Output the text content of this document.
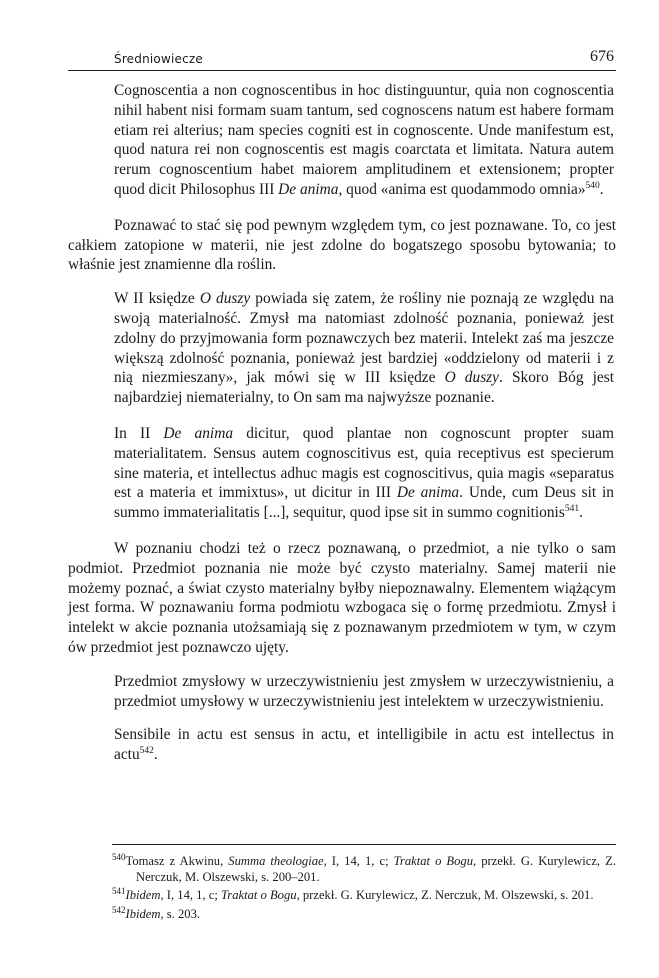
Średniowiecze	676

Cognoscentia a non cognoscentibus in hoc distinguuntur, quia non cognoscentia nihil habent nisi formam suam tantum, sed cognoscens natum est habere formam etiam rei alterius; nam species cogniti est in cognoscente. Unde manifestum est, quod natura rei non cognoscentis est magis coarctata et limitata. Natura autem rerum cognoscentium habet maiorem amplitudinem et extensionem; propter quod dicit Philosophus III De anima, quod «anima est quodammodo omnia»$^{540}$.

Poznawać to stać się pod pewnym względem tym, co jest poznawane. To, co jest całkiem zatopione w materii, nie jest zdolne do bogatszego sposobu bytowania; to właśnie jest znamienne dla roślin.

W II księdze O duszy powiada się zatem, że rośliny nie poznają ze względu na swoją materialność. Zmysł ma natomiast zdolność poznania, ponieważ jest zdolny do przyjmowania form poznawczych bez materii. Intelekt zaś ma jeszcze większą zdolność poznania, ponieważ jest bardziej «oddzielony od materii i z nią niezmieszany», jak mówi się w III księdze O duszy. Skoro Bóg jest najbardziej niematerialny, to On sam ma najwyższe poznanie.

In II De anima dicitur, quod plantae non cognoscunt propter suam materialitatem. Sensus autem cognoscitivus est, quia receptivus est specierum sine materia, et intellectus adhuc magis est cognoscitivus, quia magis «separatus est a materia et immixtus», ut dicitur in III De anima. Unde, cum Deus sit in summo immaterialitatis [...], sequitur, quod ipse sit in summo cognitionis$^{541}$.

W poznaniu chodzi też o rzecz poznawaną, o przedmiot, a nie tylko o sam podmiot. Przedmiot poznania nie może być czysto materialny. Samej materii nie możemy poznać, a świat czysto materialny byłby niepoznawalny. Elementem wiążącym jest forma. W poznawaniu forma podmiotu wzbogaca się o formę przedmiotu. Zmysł i intelekt w akcie poznania utożsamiają się z poznawanym przedmiotem w tym, w czym ów przedmiot jest poznawczo ujęty.

Przedmiot zmysłowy w urzeczywistnieniu jest zmysłem w urzeczywistnieniu, a przedmiot umysłowy w urzeczywistnieniu jest intelektem w urzeczywistnieniu.

Sensibile in actu est sensus in actu, et intelligibile in actu est intellectus in actu$^{542}$.

$^{540}$Tomasz z Akwinu, Summa theologiae, I, 14, 1, c; Traktat o Bogu, przekł. G. Kurylewicz, Z. Nerczuk, M. Olszewski, s. 200–201.

$^{541}$Ibidem, I, 14, 1, c; Traktat o Bogu, przekł. G. Kurylewicz, Z. Nerczuk, M. Olszewski, s. 201.

$^{542}$Ibidem, s. 203.
